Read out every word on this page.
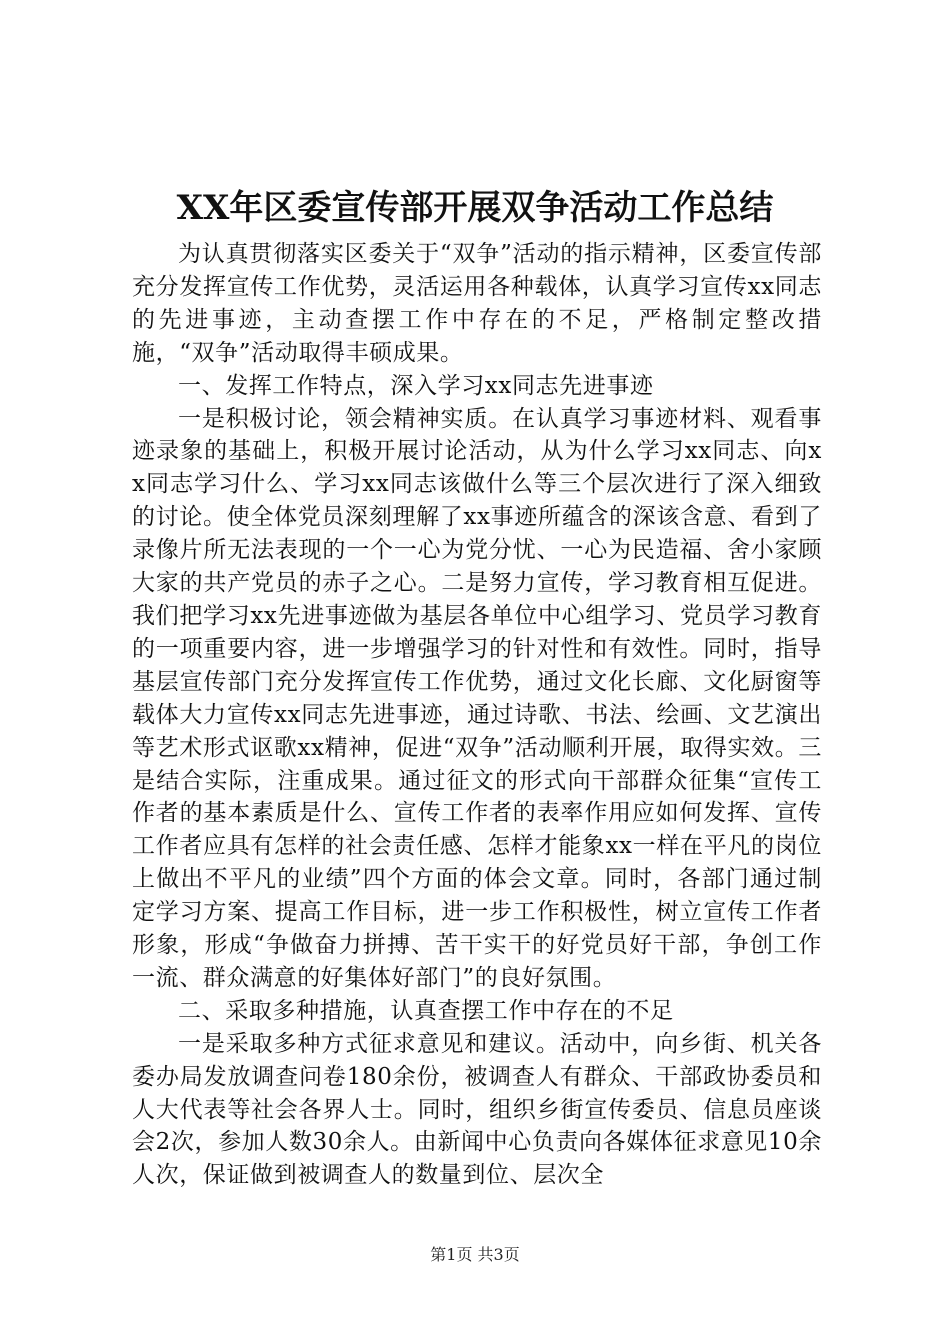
XX年区委宣传部开展双争活动工作总结

为认真贯彻落实区委关于“双争”活动的指示精神，区委宣传部充分发挥宣传工作优势，灵活运用各种载体，认真学习宣传xx同志的先进事迹，主动查摆工作中存在的不足，严格制定整改措施，“双争”活动取得丰硕成果。

一、发挥工作特点，深入学习xx同志先进事迹

一是积极讨论，领会精神实质。在认真学习事迹材料、观看事迹录象的基础上，积极开展讨论活动，从为什么学习xx同志、向xx同志学习什么、学习xx同志该做什么等三个层次进行了深入细致的讨论。使全体党员深刻理解了xx事迹所蕴含的深该含意、看到了录像片所无法表现的一个一心为党分忧、一心为民造福、舍小家顾大家的共产党员的赤子之心。二是努力宣传，学习教育相互促进。我们把学习xx先进事迹做为基层各单位中心组学习、党员学习教育的一项重要内容，进一步增强学习的针对性和有效性。同时，指导基层宣传部门充分发挥宣传工作优势，通过文化长廊、文化厨窗等载体大力宣传xx同志先进事迹，通过诗歌、书法、绘画、文艺演出等艺术形式讴歌xx精神，促进“双争”活动顺利开展，取得实效。三是结合实际，注重成果。通过征文的形式向干部群众征集“宣传工作者的基本素质是什么、宣传工作者的表率作用应如何发挥、宣传工作者应具有怎样的社会责任感、怎样才能象xx一样在平凡的岗位上做出不平凡的业绩”四个方面的体会文章。同时，各部门通过制定学习方案、提高工作目标，进一步工作积极性，树立宣传工作者形象，形成“争做奋力拼搏、苦干实干的好党员好干部，争创工作一流、群众满意的好集体好部门”的良好氛围。

二、采取多种措施，认真查摆工作中存在的不足

一是采取多种方式征求意见和建议。活动中，向乡街、机关各委办局发放调查问卷180余份，被调查人有群众、干部政协委员和人大代表等社会各界人士。同时，组织乡街宣传委员、信息员座谈会2次，参加人数30余人。由新闻中心负责向各媒体征求意见10余人次，保证做到被调查人的数量到位、层次全

第1页 共3页
